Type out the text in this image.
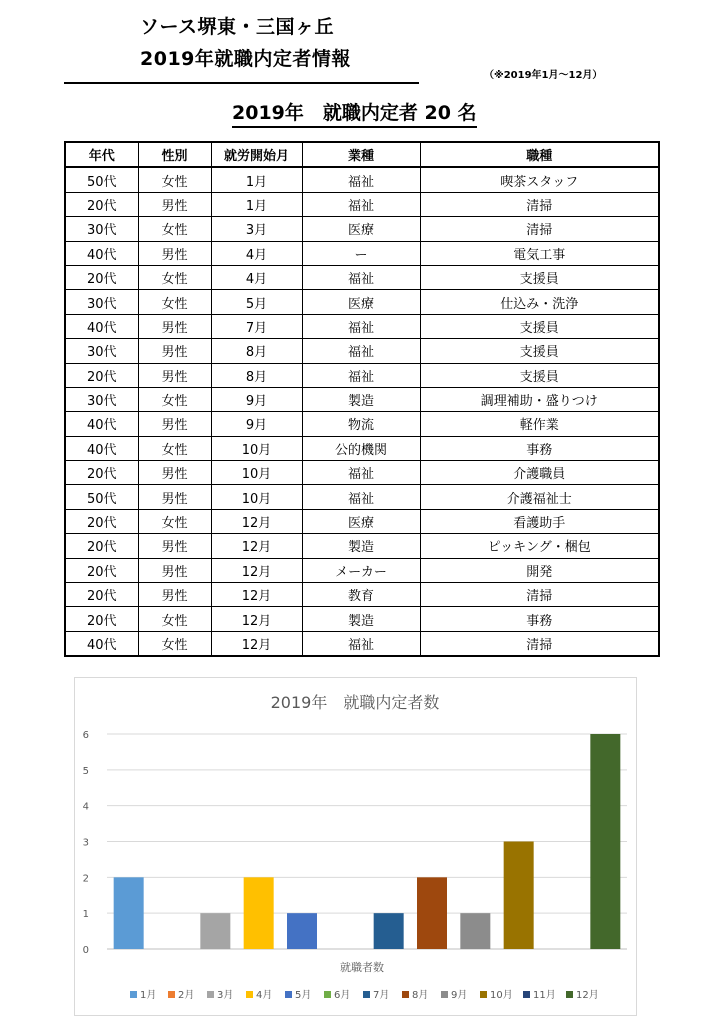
ソース堺東・三国ヶ丘
2019年就職内定者情報
（※2019年1月～12月）
2019年　就職内定者 20 名
年代	性別	就労開始月	業種	職種
50代	女性	1月	福祉	喫茶スタッフ
20代	男性	1月	福祉	清掃
30代	女性	3月	医療	清掃
40代	男性	4月	ー	電気工事
20代	女性	4月	福祉	支援員
30代	女性	5月	医療	仕込み・洗浄
40代	男性	7月	福祉	支援員
30代	男性	8月	福祉	支援員
20代	男性	8月	福祉	支援員
30代	女性	9月	製造	調理補助・盛りつけ
40代	男性	9月	物流	軽作業
40代	女性	10月	公的機関	事務
20代	男性	10月	福祉	介護職員
50代	男性	10月	福祉	介護福祉士
20代	女性	12月	医療	看護助手
20代	男性	12月	製造	ピッキング・梱包
20代	男性	12月	メーカー	開発
20代	男性	12月	教育	清掃
20代	女性	12月	製造	事務
40代	女性	12月	福祉	清掃
2019年　就職内定者数
0
1
2
3
4
5
6
就職者数
1月 2月 3月 4月 5月 6月 7月 8月 9月 10月 11月 12月
